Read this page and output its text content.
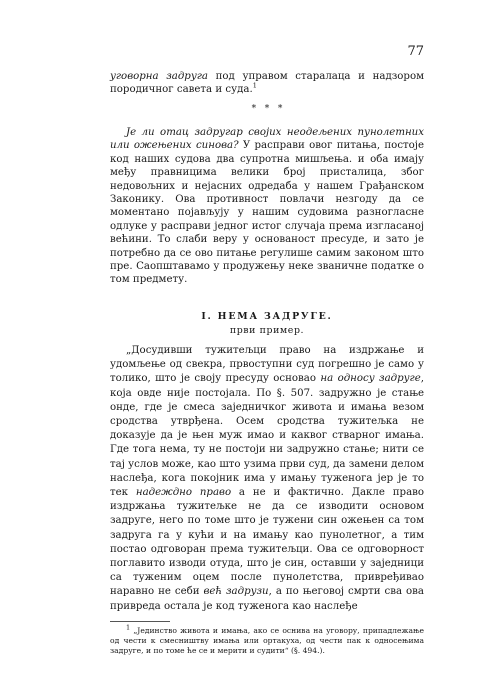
77

уговорна задруга под управом старалаца и надзором породичног савета и суда.$^1$

*   *   *

Је ли отац задругар својих неодељених пунолетних или ожењених синова? У расправи овог питања, постоје код наших судова два супротна мишљења. и оба имају међу правницима велики број присталица, због недовољних и нејасних одредаба у нашем Грађанском Законику. Ова противност повлачи незгоду да се моментано појављују у нашим судовима разногласне одлуке у расправи једнoг истог случаја према изгласаној већини. То слаби веру у основаност пресуде, и зато је потребно да се ово питање регулише самим законом што пре. Саопштавамо у продужењу неке званичне податке о том предмету.

I. НЕМА ЗАДРУГЕ.
први пример.

„Досудивши тужитељци право на издржање и удомљење од свекра, првоступни суд погрешно је само у толико, што је своју пресуду основао на односу задруге, која овде није постојала. По §. 507. задружно је стање онде, где је смеса заједничког живота и имања везом сродства утврђена. Осем сродства тужитељка не доказује да је њен муж имао и каквог стварног имања. Где тога нема, ту не постоји ни задружно стање; нити се тај услов може, као што узима први суд, да замени делом наслеђа, кога покојник има у имању туженога јер је то тек надеждно право а не и фактично. Дакле право издржања тужитељке не да се изводити основом задруге, него по томе што је тужени син ожењен са том задруга га у кући и на имању као пунолетног, а тим постао одговоран према тужитељци. Ова се одговорност поглавито изводи отуда, што је син, оставши у заједници са туженим оцем после пунолетства, привређивао наравно не себи већ задрузи, а по његовој смрти сва ова привреда остала је код туженога као наслеђе

$^1$ „Јединство живота и имања, ако се оснива на уговору, припадлежање од чести к смесништву имања или ортакуха, од чести пак к односењима задруге, и по томе ће се и мерити и судити“ (§. 494.).
